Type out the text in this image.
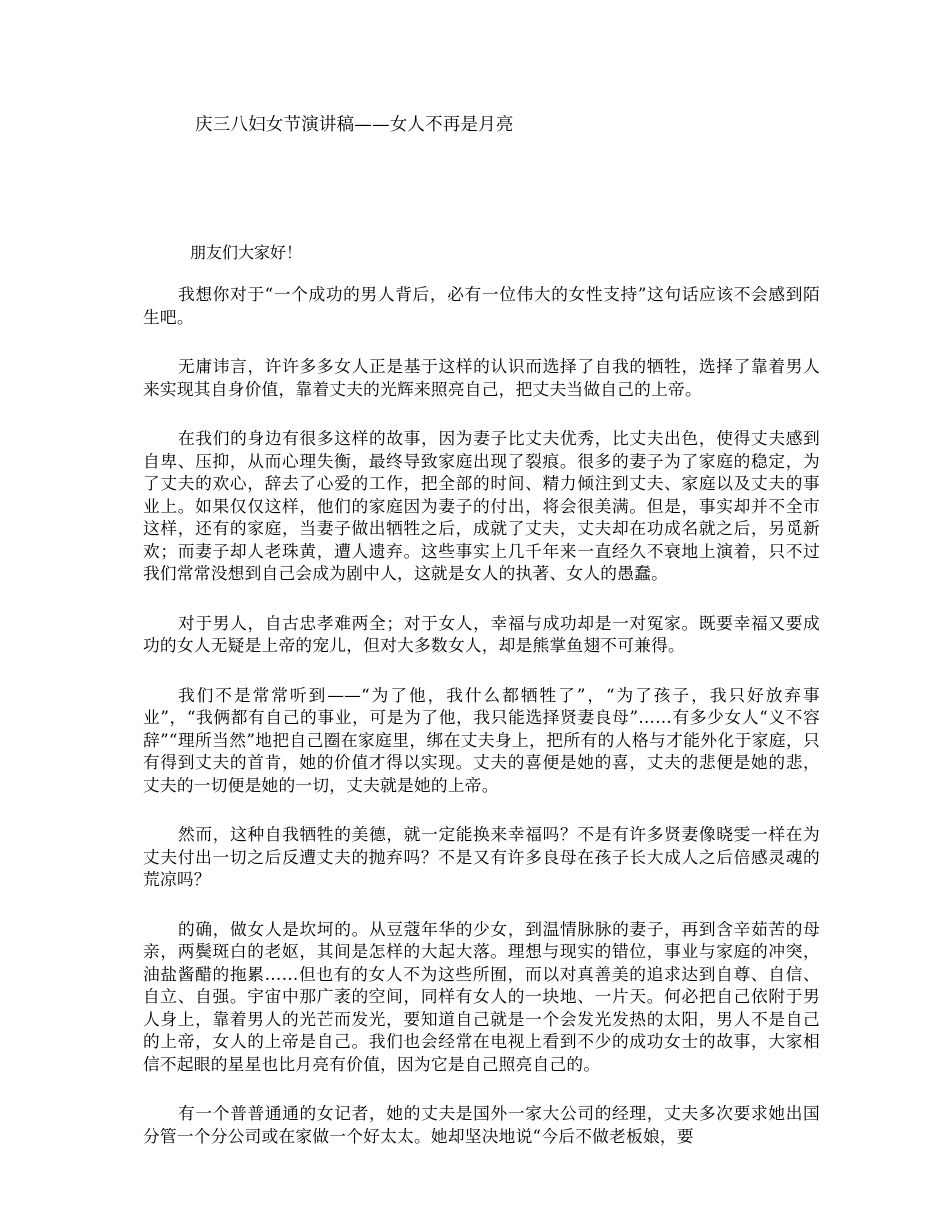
庆三八妇女节演讲稿——女人不再是月亮
朋友们大家好！

我想你对于“一个成功的男人背后，必有一位伟大的女性支持”这句话应该不会感到陌生吧。

无庸讳言，许许多多女人正是基于这样的认识而选择了自我的牺牲，选择了靠着男人来实现其自身价值，靠着丈夫的光辉来照亮自己，把丈夫当做自己的上帝。

在我们的身边有很多这样的故事，因为妻子比丈夫优秀，比丈夫出色，使得丈夫感到自卑、压抑，从而心理失衡，最终导致家庭出现了裂痕。很多的妻子为了家庭的稳定，为了丈夫的欢心，辞去了心爱的工作，把全部的时间、精力倾注到丈夫、家庭以及丈夫的事业上。如果仅仅这样，他们的家庭因为妻子的付出，将会很美满。但是，事实却并不全市这样，还有的家庭，当妻子做出牺牲之后，成就了丈夫，丈夫却在功成名就之后，另觅新欢；而妻子却人老珠黄，遭人遗弃。这些事实上几千年来一直经久不衰地上演着，只不过我们常常没想到自己会成为剧中人，这就是女人的执著、女人的愚蠢。

对于男人，自古忠孝难两全；对于女人，幸福与成功却是一对冤家。既要幸福又要成功的女人无疑是上帝的宠儿，但对大多数女人，却是熊掌鱼翅不可兼得。

我们不是常常听到——“为了他，我什么都牺牲了”，“为了孩子，我只好放弃事业”，“我俩都有自己的事业，可是为了他，我只能选择贤妻良母”……有多少女人“义不容辞”“理所当然”地把自己圈在家庭里，绑在丈夫身上，把所有的人格与才能外化于家庭，只有得到丈夫的首肯，她的价值才得以实现。丈夫的喜便是她的喜，丈夫的悲便是她的悲，丈夫的一切便是她的一切，丈夫就是她的上帝。

然而，这种自我牺牲的美德，就一定能换来幸福吗？不是有许多贤妻像晓雯一样在为丈夫付出一切之后反遭丈夫的抛弃吗？不是又有许多良母在孩子长大成人之后倍感灵魂的荒凉吗？

的确，做女人是坎坷的。从豆蔻年华的少女，到温情脉脉的妻子，再到含辛茹苦的母亲，两鬓斑白的老妪，其间是怎样的大起大落。理想与现实的错位，事业与家庭的冲突，油盐酱醋的拖累……但也有的女人不为这些所囿，而以对真善美的追求达到自尊、自信、自立、自强。宇宙中那广袤的空间，同样有女人的一块地、一片天。何必把自己依附于男人身上，靠着男人的光芒而发光，要知道自己就是一个会发光发热的太阳，男人不是自己的上帝，女人的上帝是自己。我们也会经常在电视上看到不少的成功女士的故事，大家相信不起眼的星星也比月亮有价值，因为它是自己照亮自己的。

有一个普普通通的女记者，她的丈夫是国外一家大公司的经理，丈夫多次要求她出国分管一个分公司或在家做一个好太太。她却坚决地说“今后不做老板娘，要
